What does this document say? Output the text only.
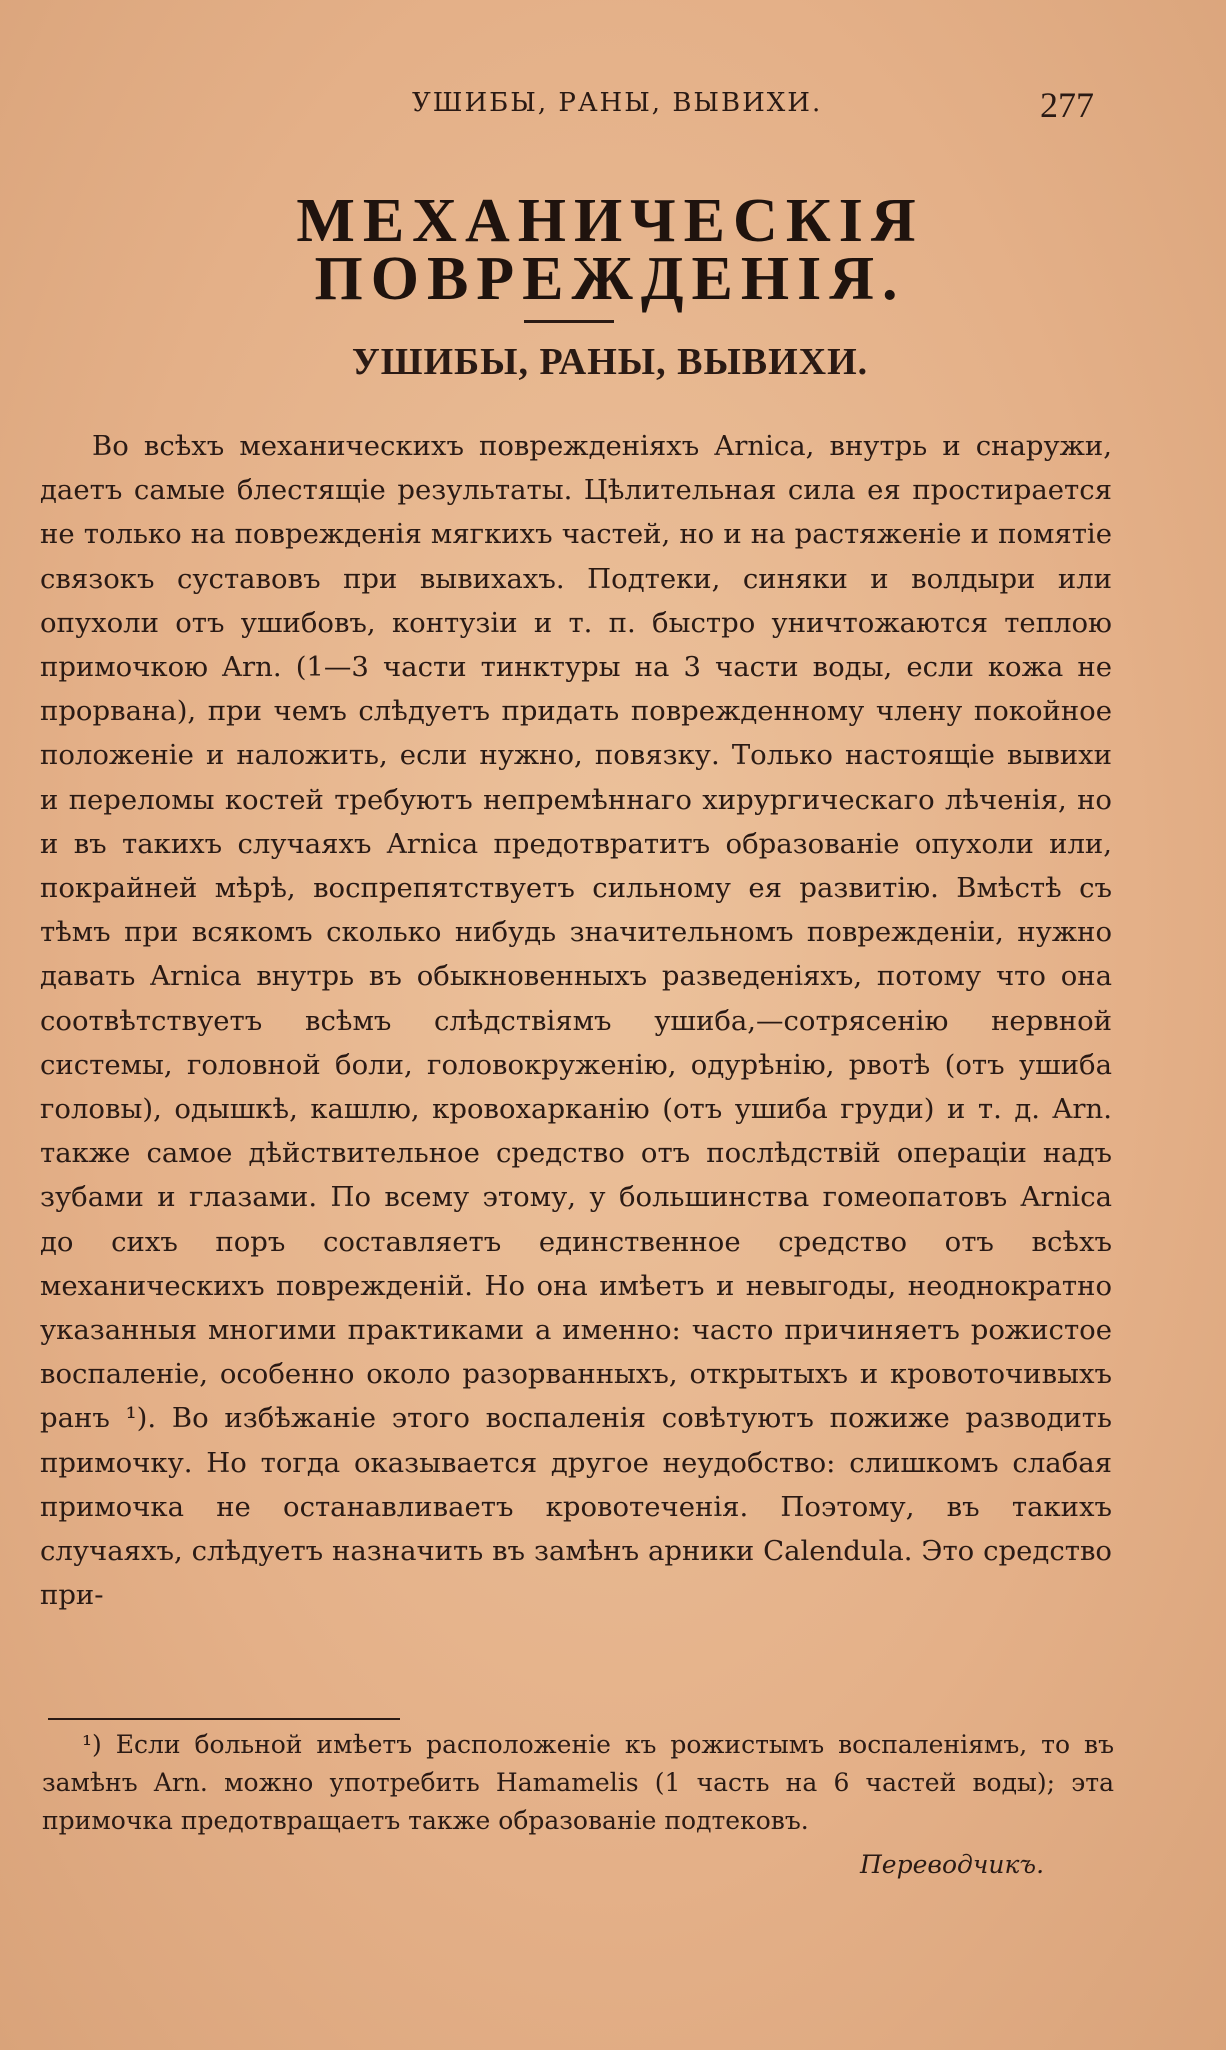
УШИБЫ, РАНЫ, ВЫВИХИ.	277
МЕХАНИЧЕСКІЯ ПОВРЕЖДЕНІЯ.
УШИБЫ, РАНЫ, ВЫВИХИ.

Во всѣхъ механическихъ поврежденіяхъ Arnica, внутрь и снаружи, даетъ самые блестящіе результаты. Цѣлительная сила ея простирается не только на поврежденія мягкихъ частей, но и на растяженіе и помятіе связокъ суставовъ при вывихахъ. Подтеки, синяки и волдыри или опухоли отъ ушибовъ, контузіи и т. п. быстро уничтожаются теплою примочкою Arn. (1—3 части тинктуры на 3 части воды, если кожа не прорвана), при чемъ слѣдуетъ придать поврежденному члену покойное положеніе и наложить, если нужно, повязку. Только настоящіе вывихи и переломы костей требуютъ непремѣннаго хирургическаго лѣченія, но и въ такихъ случаяхъ Arnica предотвратитъ образованіе опухоли или, покрайней мѣрѣ, воспрепятствуетъ сильному ея развитію. Вмѣстѣ съ тѣмъ при всякомъ сколько нибудь значительномъ поврежденіи, нужно давать Arnica внутрь въ обыкновенныхъ разведеніяхъ, потому что она соотвѣтствуетъ всѣмъ слѣдствіямъ ушиба,—сотрясенію нервной системы, головной боли, головокруженію, одурѣнію, рвотѣ (отъ ушиба головы), одышкѣ, кашлю, кровохарканію (отъ ушиба груди) и т. д. Arn. также самое дѣйствительное средство отъ послѣдствій операціи надъ зубами и глазами. По всему этому, у большинства гомеопатовъ Arnica до сихъ поръ составляетъ единственное средство отъ всѣхъ механическихъ поврежденій. Но она имѣетъ и невыгоды, неоднократно указанныя многими практиками а именно: часто причиняетъ рожистое воспаленіе, особенно около разорванныхъ, открытыхъ и кровоточивыхъ ранъ ¹). Во избѣжаніе этого воспаленія совѣтуютъ пожиже разводить примочку. Но тогда оказывается другое неудобство: слишкомъ слабая примочка не останавливаетъ кровотеченія. Поэтому, въ такихъ случаяхъ, слѣдуетъ назначить въ замѣнъ арники Calendula. Это средство при-

¹) Если больной имѣетъ расположеніе къ рожистымъ воспаленіямъ, то въ замѣнъ Arn. можно употребить Hamamelis (1 часть на 6 частей воды); эта примочка предотвращаетъ также образованіе подтековъ.

Переводчикъ.
